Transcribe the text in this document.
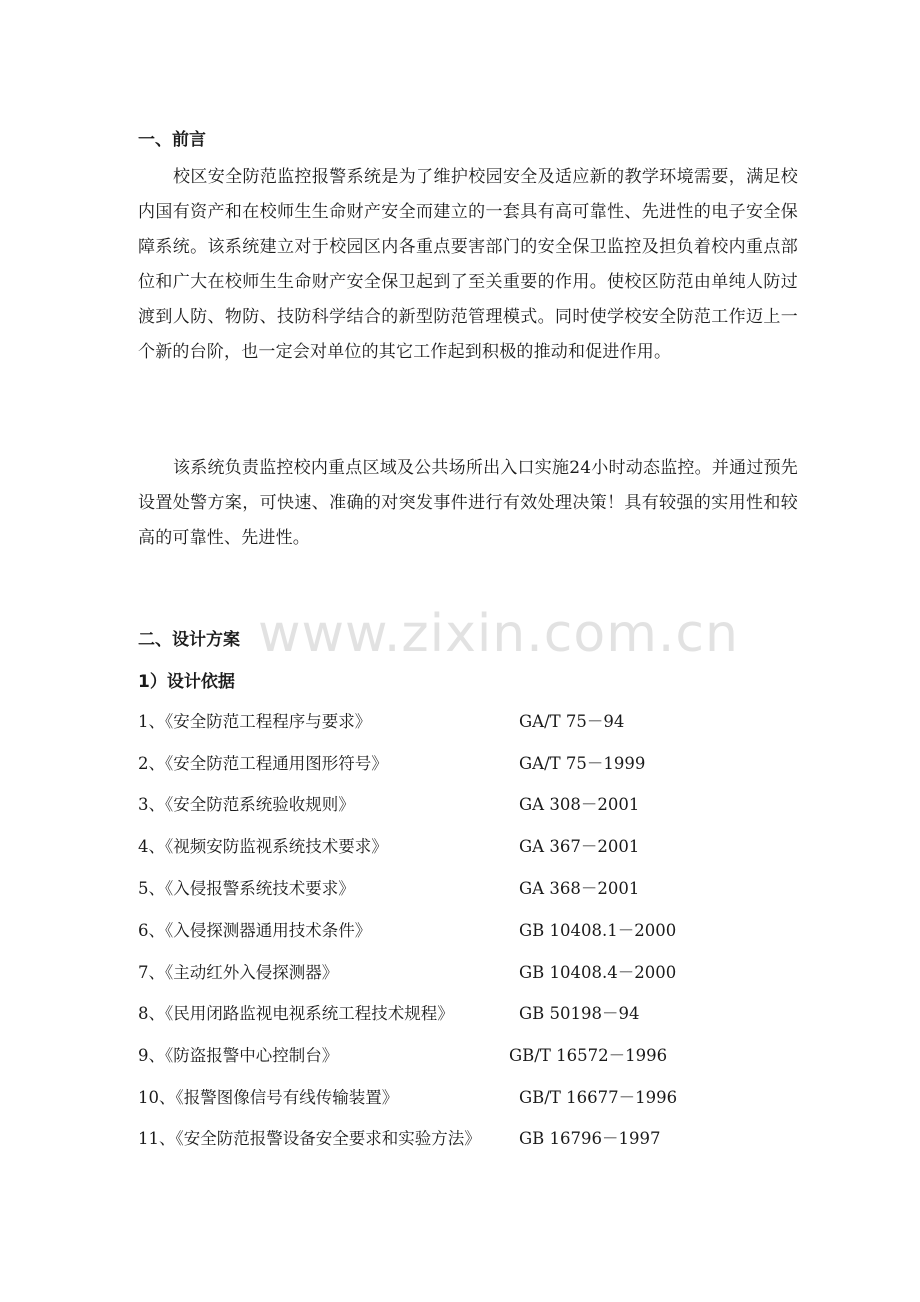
一、前言

校区安全防范监控报警系统是为了维护校园安全及适应新的教学环境需要，满足校内国有资产和在校师生生命财产安全而建立的一套具有高可靠性、先进性的电子安全保障系统。该系统建立对于校园区内各重点要害部门的安全保卫监控及担负着校内重点部位和广大在校师生生命财产安全保卫起到了至关重要的作用。使校区防范由单纯人防过渡到人防、物防、技防科学结合的新型防范管理模式。同时使学校安全防范工作迈上一个新的台阶，也一定会对单位的其它工作起到积极的推动和促进作用。

该系统负责监控校内重点区域及公共场所出入口实施24小时动态监控。并通过预先设置处警方案，可快速、准确的对突发事件进行有效处理决策！具有较强的实用性和较高的可靠性、先进性。

www.zixin.com.cn
二、设计方案
1）设计依据
1、《安全防范工程程序与要求》	GA/T 75－94
2、《安全防范工程通用图形符号》	GA/T 75－1999
3、《安全防范系统验收规则》	GA 308－2001
4、《视频安防监视系统技术要求》	GA 367－2001
5、《入侵报警系统技术要求》	GA 368－2001
6、《入侵探测器通用技术条件》	GB 10408.1－2000
7、《主动红外入侵探测器》	GB 10408.4－2000
8、《民用闭路监视电视系统工程技术规程》	GB 50198－94
9、《防盗报警中心控制台》	GB/T 16572－1996
10、《报警图像信号有线传输装置》	GB/T 16677－1996
11、《安全防范报警设备安全要求和实验方法》 GB 16796－1997
